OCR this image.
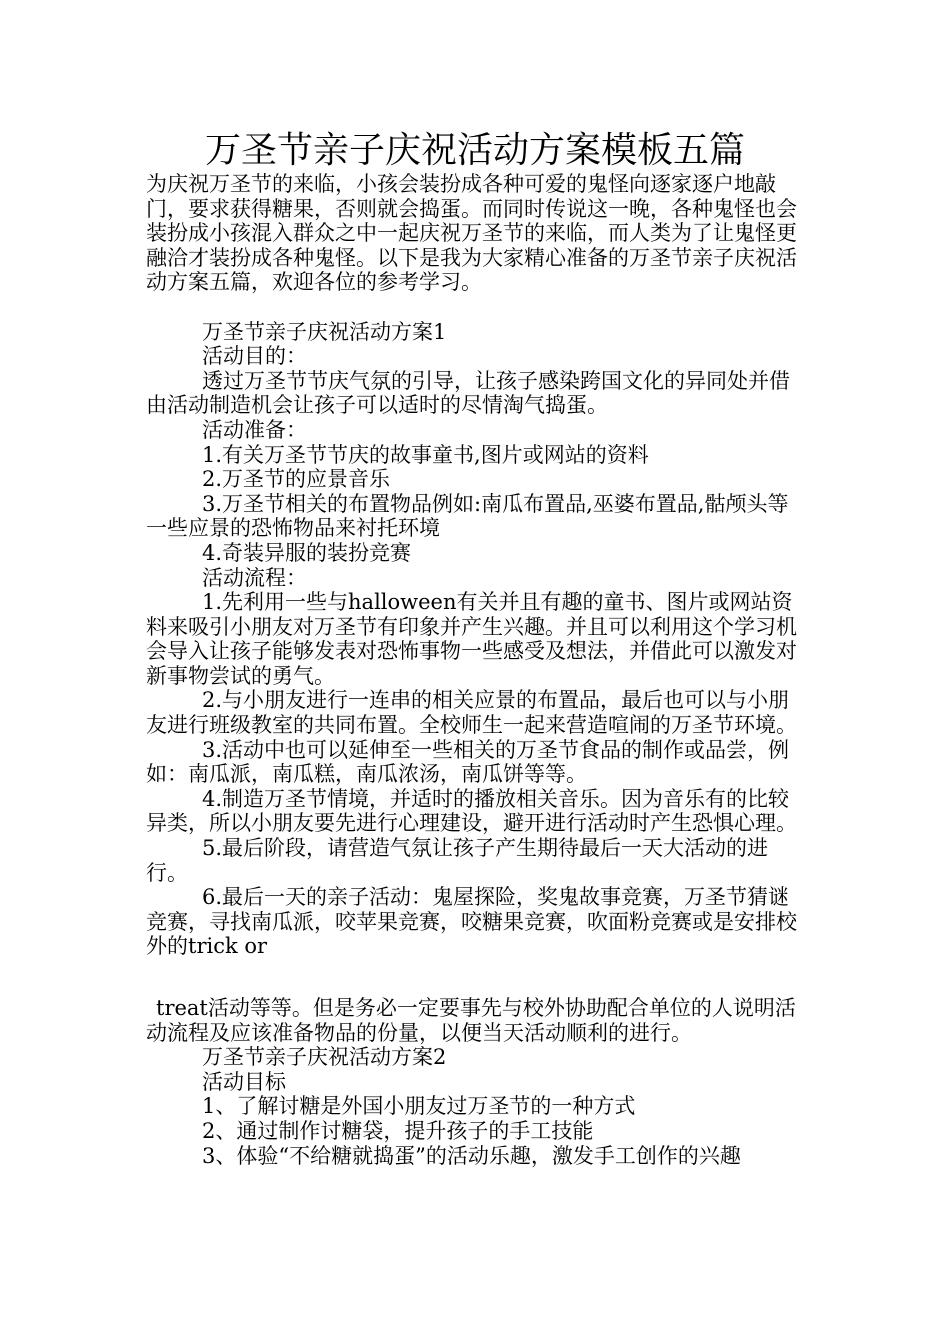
万圣节亲子庆祝活动方案模板五篇

为庆祝万圣节的来临，小孩会装扮成各种可爱的鬼怪向逐家逐户地敲门，要求获得糖果，否则就会捣蛋。而同时传说这一晚，各种鬼怪也会装扮成小孩混入群众之中一起庆祝万圣节的来临，而人类为了让鬼怪更融洽才装扮成各种鬼怪。以下是我为大家精心准备的万圣节亲子庆祝活动方案五篇，欢迎各位的参考学习。

万圣节亲子庆祝活动方案1

活动目的：

透过万圣节节庆气氛的引导，让孩子感染跨国文化的异同处并借由活动制造机会让孩子可以适时的尽情淘气捣蛋。

活动准备：

1.有关万圣节节庆的故事童书,图片或网站的资料

2.万圣节的应景音乐

3.万圣节相关的布置物品例如:南瓜布置品,巫婆布置品,骷颅头等一些应景的恐怖物品来衬托环境

4.奇装异服的装扮竞赛

活动流程：

1.先利用一些与halloween有关并且有趣的童书、图片或网站资料来吸引小朋友对万圣节有印象并产生兴趣。并且可以利用这个学习机会导入让孩子能够发表对恐怖事物一些感受及想法，并借此可以激发对新事物尝试的勇气。

2.与小朋友进行一连串的相关应景的布置品，最后也可以与小朋友进行班级教室的共同布置。全校师生一起来营造喧闹的万圣节环境。

3.活动中也可以延伸至一些相关的万圣节食品的制作或品尝，例如：南瓜派，南瓜糕，南瓜浓汤，南瓜饼等等。

4.制造万圣节情境，并适时的播放相关音乐。因为音乐有的比较异类，所以小朋友要先进行心理建设，避开进行活动时产生恐惧心理。

5.最后阶段，请营造气氛让孩子产生期待最后一天大活动的进行。

6.最后一天的亲子活动：鬼屋探险，奖鬼故事竞赛，万圣节猜谜竞赛，寻找南瓜派，咬苹果竞赛，咬糖果竞赛，吹面粉竞赛或是安排校外的trick or

treat活动等等。但是务必一定要事先与校外协助配合单位的人说明活动流程及应该准备物品的份量，以便当天活动顺利的进行。

万圣节亲子庆祝活动方案2

活动目标

1、了解讨糖是外国小朋友过万圣节的一种方式

2、通过制作讨糖袋，提升孩子的手工技能

3、体验“不给糖就捣蛋”的活动乐趣，激发手工创作的兴趣
